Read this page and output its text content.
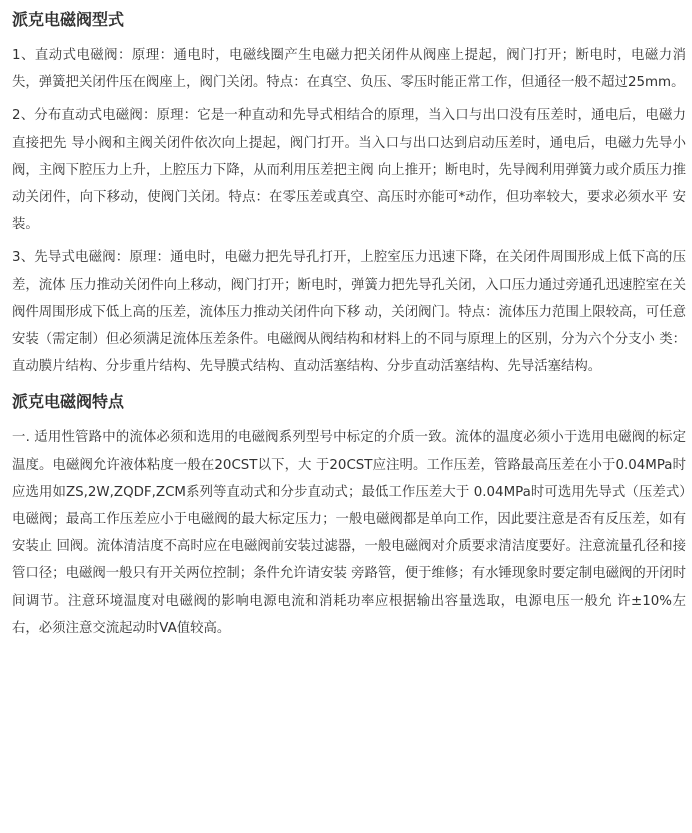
派克电磁阀型式

1、直动式电磁阀：原理：通电时，电磁线圈产生电磁力把关闭件从阀座上提起，阀门打开；断电时，电磁力消失，弹簧把关闭件压在阀座上，阀门关闭。特点：在真空、负压、零压时能正常工作，但通径一般不超过25mm。

2、分布直动式电磁阀：原理：它是一种直动和先导式相结合的原理，当入口与出口没有压差时，通电后，电磁力直接把先 导小阀和主阀关闭件依次向上提起，阀门打开。当入口与出口达到启动压差时，通电后，电磁力先导小阀，主阀下腔压力上升，上腔压力下降，从而利用压差把主阀 向上推开；断电时，先导阀利用弹簧力或介质压力推动关闭件，向下移动，使阀门关闭。特点：在零压差或真空、高压时亦能可*动作，但功率较大，要求必须水平 安装。

3、先导式电磁阀：原理：通电时，电磁力把先导孔打开，上腔室压力迅速下降，在关闭件周围形成上低下高的压差，流体 压力推动关闭件向上移动，阀门打开；断电时，弹簧力把先导孔关闭，入口压力通过旁通孔迅速腔室在关阀件周围形成下低上高的压差，流体压力推动关闭件向下移 动，关闭阀门。特点：流体压力范围上限较高，可任意安装（需定制）但必须满足流体压差条件。电磁阀从阀结构和材料上的不同与原理上的区别，分为六个分支小 类：直动膜片结构、分步重片结构、先导膜式结构、直动活塞结构、分步直动活塞结构、先导活塞结构。

派克电磁阀特点

一. 适用性管路中的流体必须和选用的电磁阀系列型号中标定的介质一致。流体的温度必须小于选用电磁阀的标定温度。电磁阀允许液体粘度一般在20CST以下，大 于20CST应注明。工作压差，管路最高压差在小于0.04MPa时应选用如ZS,2W,ZQDF,ZCM系列等直动式和分步直动式；最低工作压差大于 0.04MPa时可选用先导式（压差式）电磁阀；最高工作压差应小于电磁阀的最大标定压力；一般电磁阀都是单向工作，因此要注意是否有反压差，如有安装止 回阀。流体清洁度不高时应在电磁阀前安装过滤器，一般电磁阀对介质要求清洁度要好。注意流量孔径和接管口径；电磁阀一般只有开关两位控制；条件允许请安装 旁路管，便于维修；有水锤现象时要定制电磁阀的开闭时间调节。注意环境温度对电磁阀的影响电源电流和消耗功率应根据输出容量选取，电源电压一般允 许±10%左右，必须注意交流起动时VA值较高。
